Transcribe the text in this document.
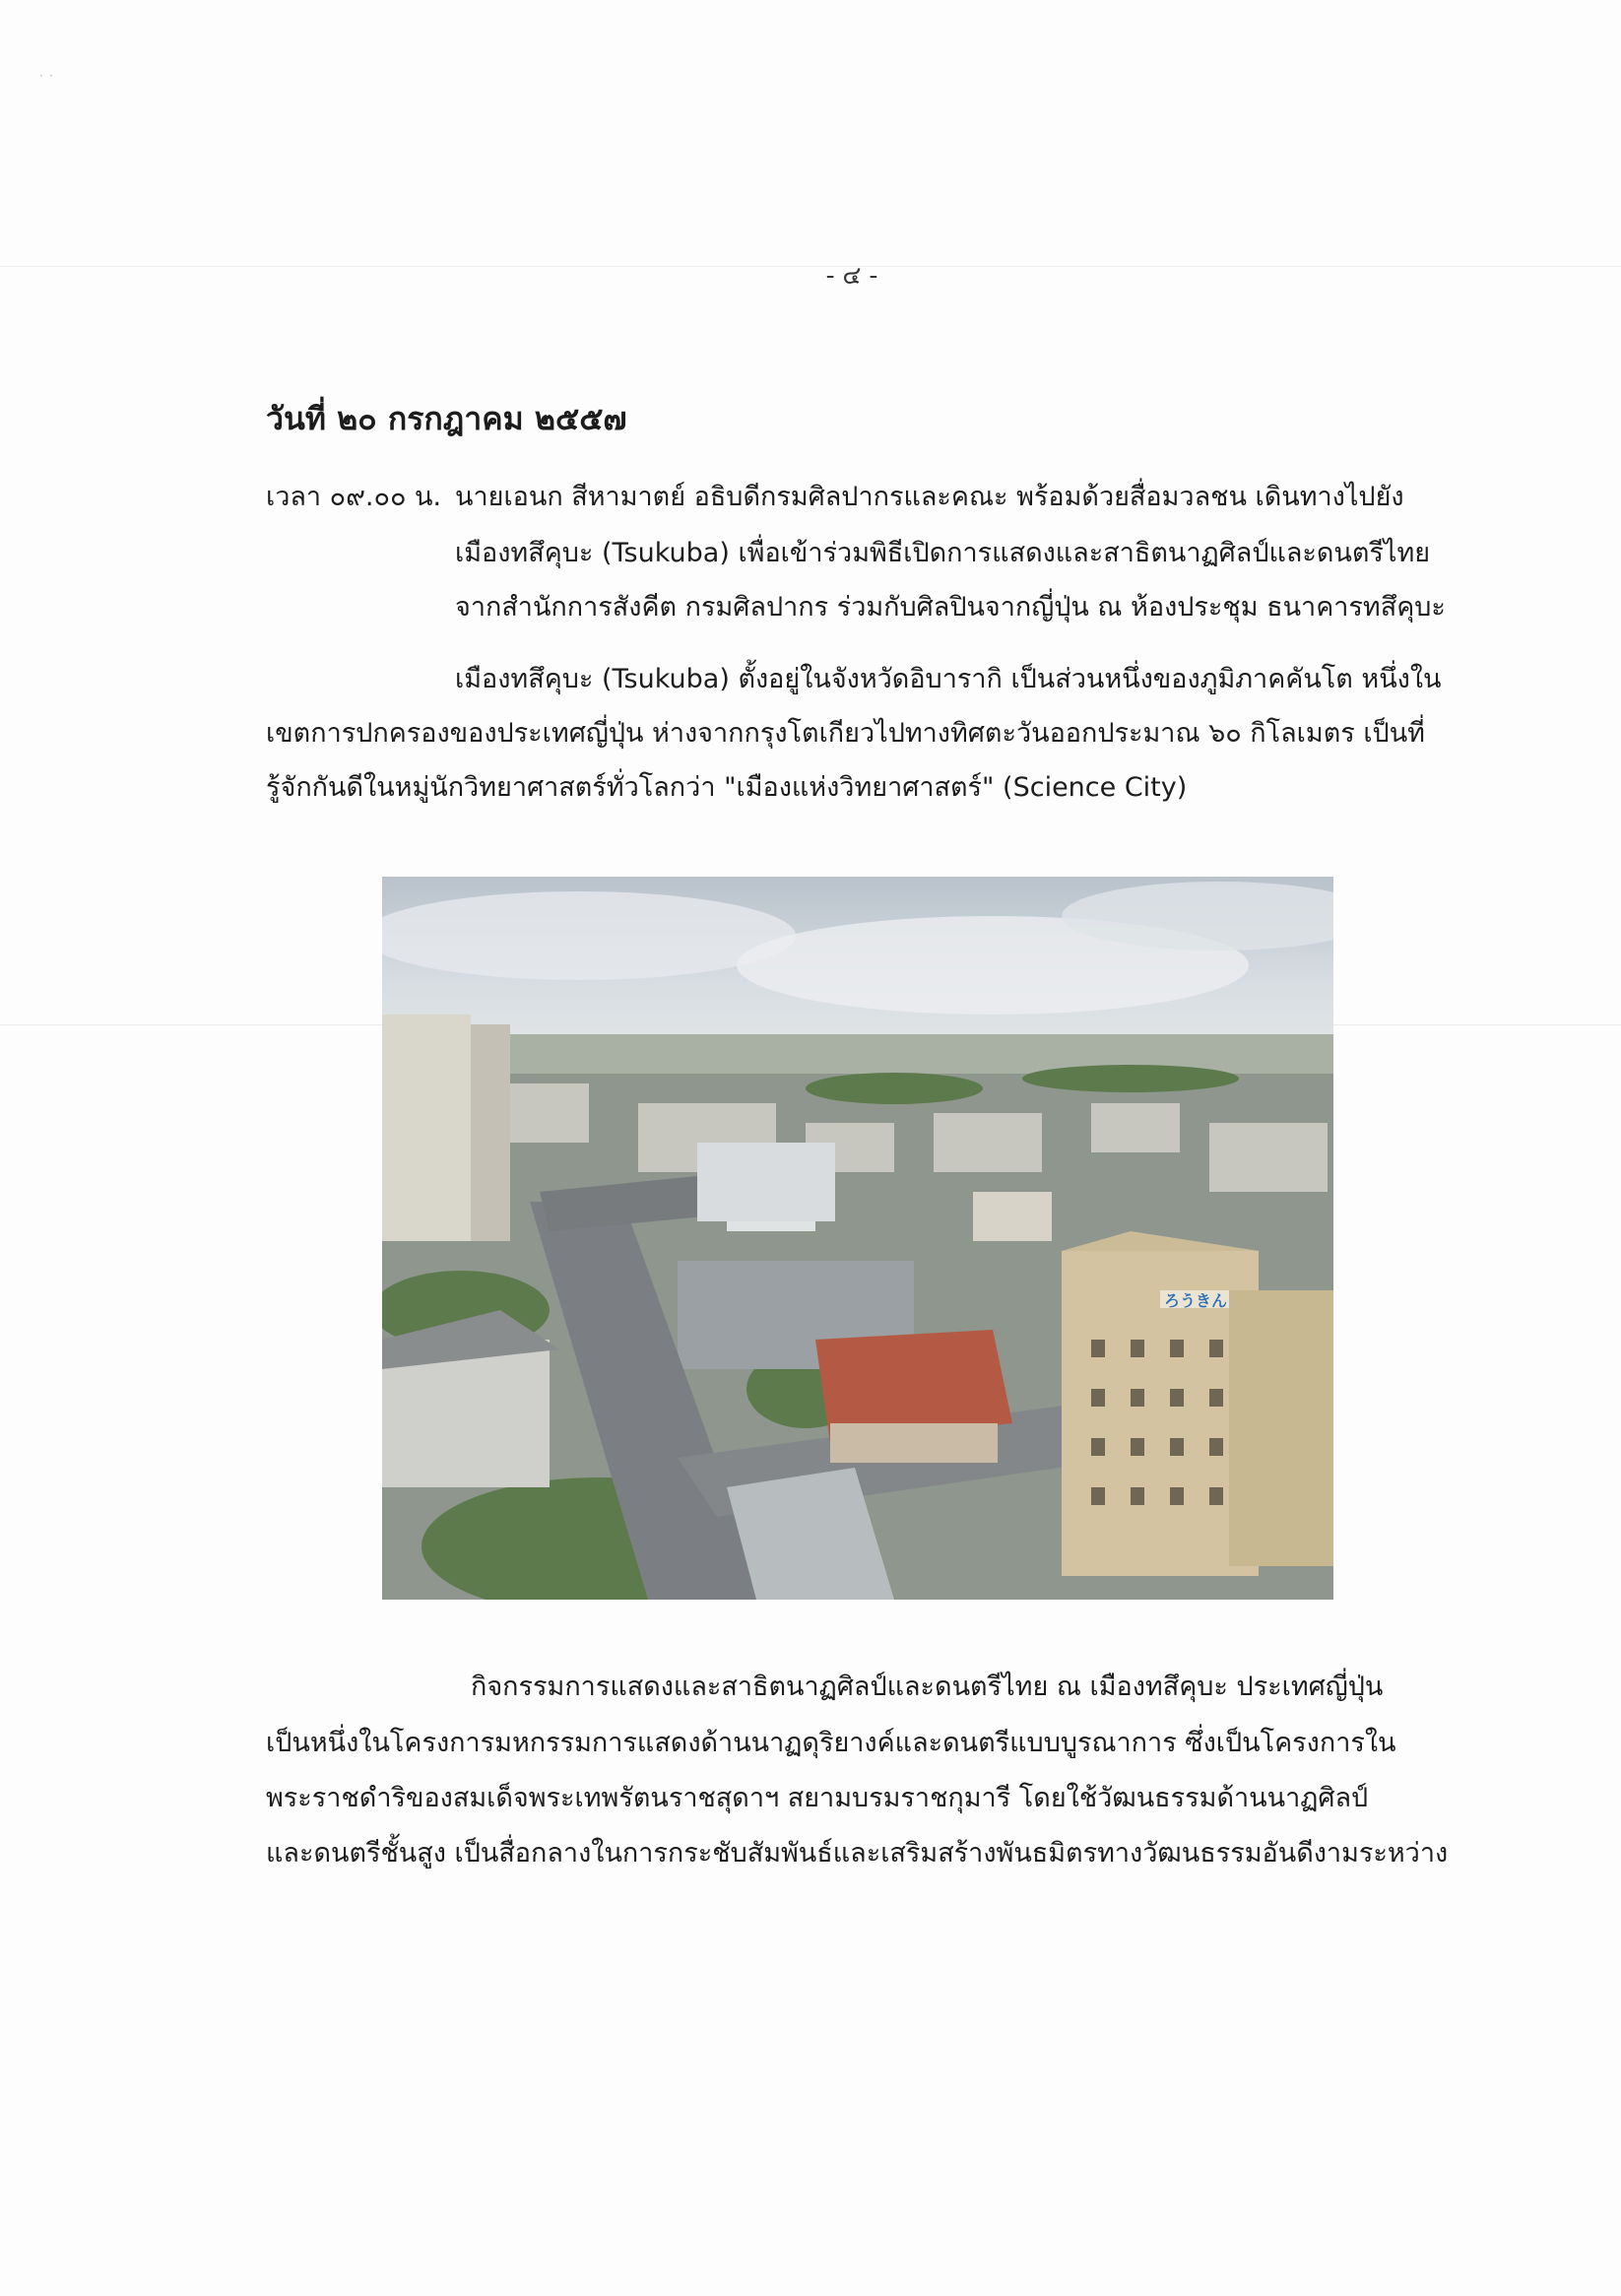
··
- ๔ -
วันที่ ๒๐ กรกฎาคม ๒๕๕๗
เวลา ๐๙.๐๐ น. นายเอนก สีหามาตย์ อธิบดีกรมศิลปากรและคณะ พร้อมด้วยสื่อมวลชน เดินทางไปยัง
เมืองทสึคุบะ (Tsukuba) เพื่อเข้าร่วมพิธีเปิดการแสดงและสาธิตนาฏศิลป์และดนตรีไทย
จากสำนักการสังคีต กรมศิลปากร ร่วมกับศิลปินจากญี่ปุ่น ณ ห้องประชุม ธนาคารทสึคุบะ
เมืองทสึคุบะ (Tsukuba) ตั้งอยู่ในจังหวัดอิบารากิ เป็นส่วนหนึ่งของภูมิภาคคันโต หนึ่งใน
เขตการปกครองของประเทศญี่ปุ่น ห่างจากกรุงโตเกียวไปทางทิศตะวันออกประมาณ ๖๐ กิโลเมตร เป็นที่
รู้จักกันดีในหมู่นักวิทยาศาสตร์ทั่วโลกว่า "เมืองแห่งวิทยาศาสตร์" (Science City)
ろうきん
กิจกรรมการแสดงและสาธิตนาฏศิลป์และดนตรีไทย ณ เมืองทสึคุบะ ประเทศญี่ปุ่น
เป็นหนึ่งในโครงการมหกรรมการแสดงด้านนาฏดุริยางค์และดนตรีแบบบูรณาการ ซึ่งเป็นโครงการใน
พระราชดำริของสมเด็จพระเทพรัตนราชสุดาฯ สยามบรมราชกุมารี โดยใช้วัฒนธรรมด้านนาฏศิลป์
และดนตรีชั้นสูง เป็นสื่อกลางในการกระชับสัมพันธ์และเสริมสร้างพันธมิตรทางวัฒนธรรมอันดีงามระหว่าง
